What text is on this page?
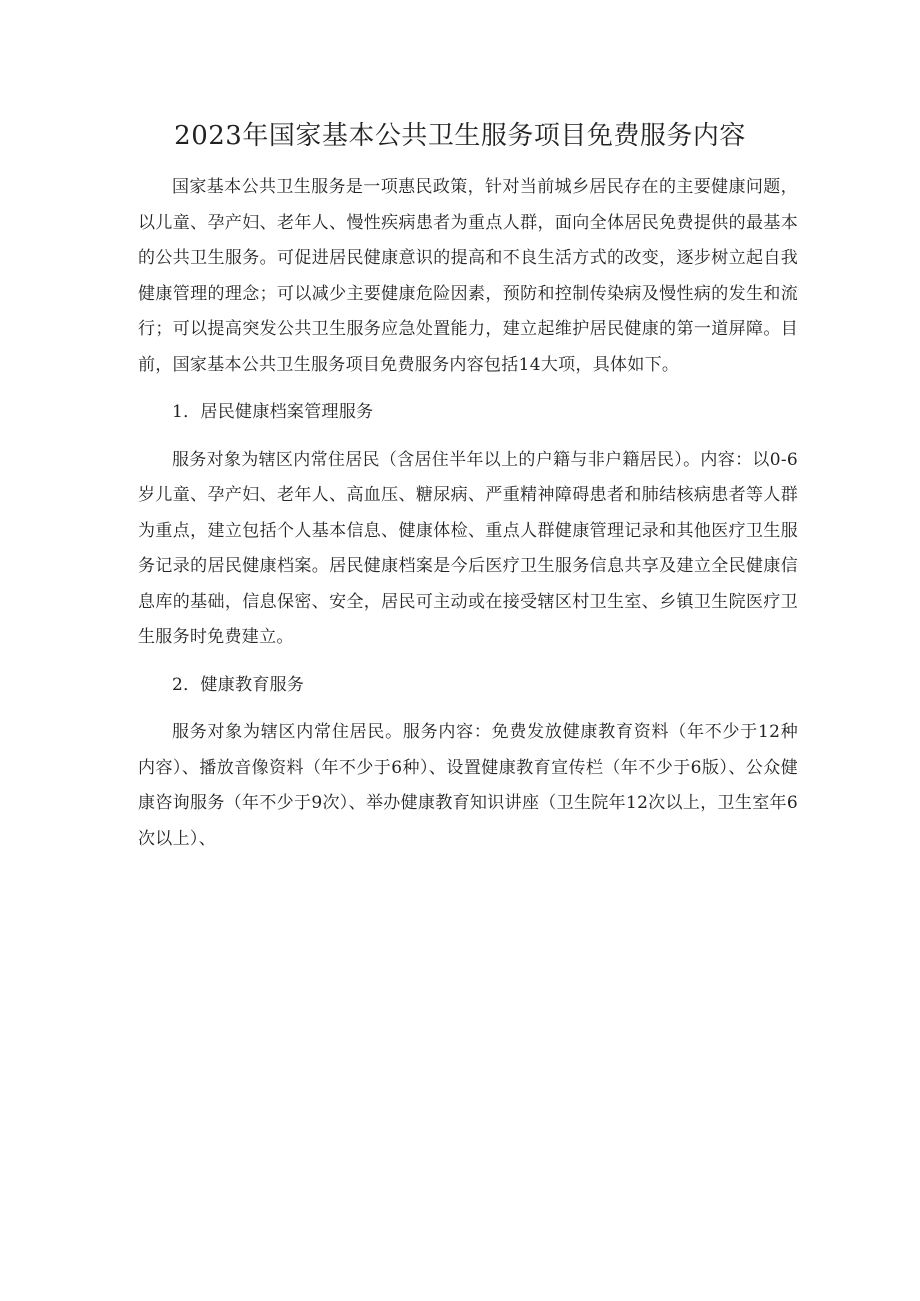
2023年国家基本公共卫生服务项目免费服务内容

国家基本公共卫生服务是一项惠民政策，针对当前城乡居民存在的主要健康问题，以儿童、孕产妇、老年人、慢性疾病患者为重点人群，面向全体居民免费提供的最基本的公共卫生服务。可促进居民健康意识的提高和不良生活方式的改变，逐步树立起自我健康管理的理念；可以减少主要健康危险因素，预防和控制传染病及慢性病的发生和流行；可以提高突发公共卫生服务应急处置能力，建立起维护居民健康的第一道屏障。目前，国家基本公共卫生服务项目免费服务内容包括14大项，具体如下。

1．居民健康档案管理服务

服务对象为辖区内常住居民（含居住半年以上的户籍与非户籍居民）。内容：以0-6岁儿童、孕产妇、老年人、高血压、糖尿病、严重精神障碍患者和肺结核病患者等人群为重点，建立包括个人基本信息、健康体检、重点人群健康管理记录和其他医疗卫生服务记录的居民健康档案。居民健康档案是今后医疗卫生服务信息共享及建立全民健康信息库的基础，信息保密、安全，居民可主动或在接受辖区村卫生室、乡镇卫生院医疗卫生服务时免费建立。

2．健康教育服务

服务对象为辖区内常住居民。服务内容：免费发放健康教育资料（年不少于12种内容）、播放音像资料（年不少于6种）、设置健康教育宣传栏（年不少于6版）、公众健康咨询服务（年不少于9次）、举办健康教育知识讲座（卫生院年12次以上，卫生室年6次以上）、
